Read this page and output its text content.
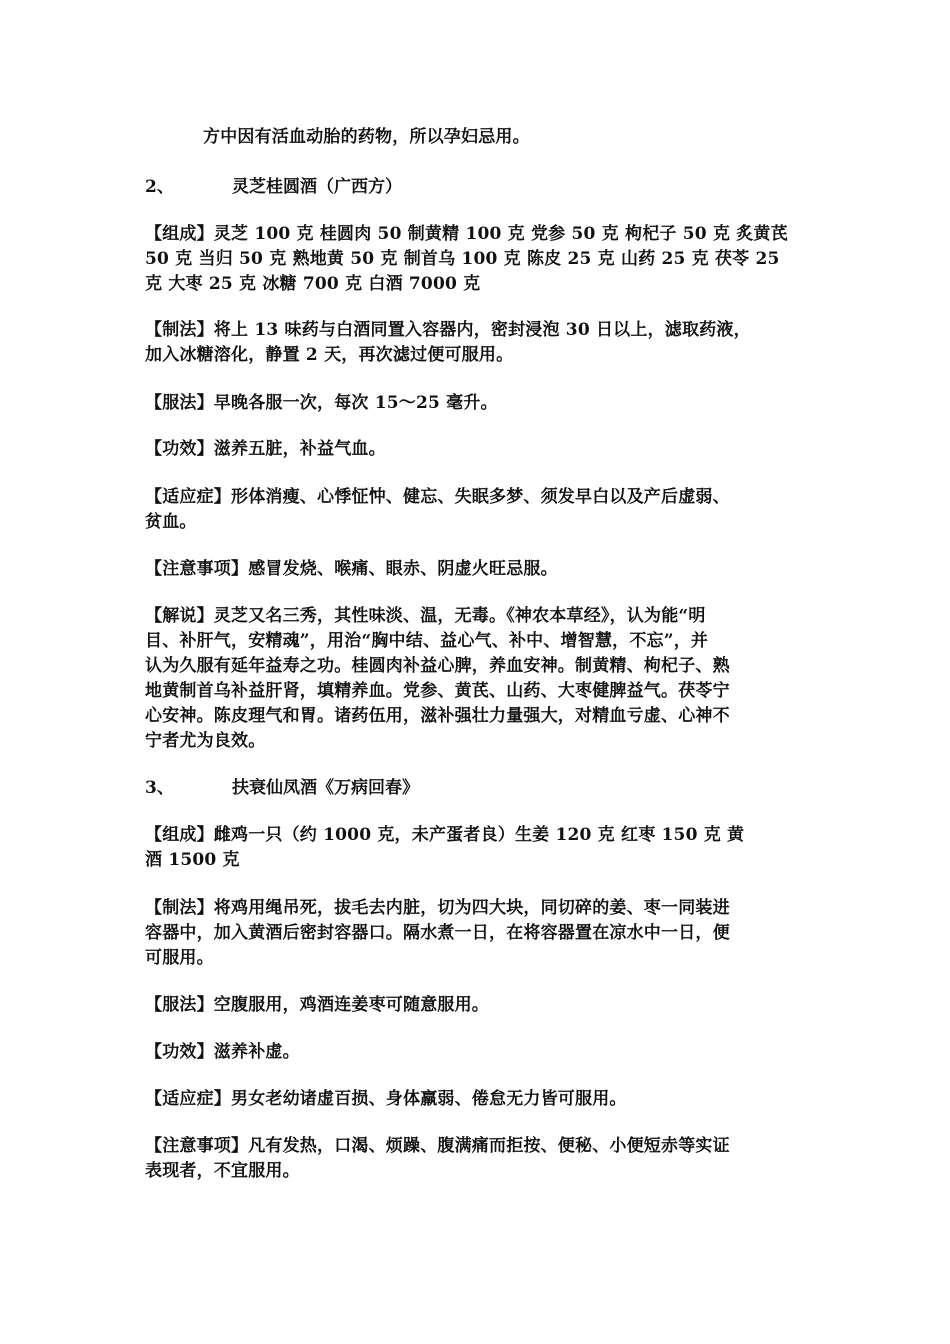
方中因有活血动胎的药物，所以孕妇忌用。
2、	灵芝桂圆酒（广西方）
【组成】灵芝 100 克 桂圆肉 50 制黄精 100 克 党参 50 克 枸杞子 50 克 炙黄芪
50 克 当归 50 克 熟地黄 50 克 制首乌 100 克 陈皮 25 克 山药 25 克 茯苓 25
克 大枣 25 克 冰糖 700 克 白酒 7000 克
【制法】将上 13 味药与白酒同置入容器内，密封浸泡 30 日以上，滤取药液，
加入冰糖溶化，静置 2 天，再次滤过便可服用。
【服法】早晚各服一次，每次 15～25 毫升。
【功效】滋养五脏，补益气血。
【适应症】形体消瘦、心悸怔忡、健忘、失眠多梦、须发早白以及产后虚弱、
贫血。
【注意事项】感冒发烧、喉痛、眼赤、阴虚火旺忌服。
【解说】灵芝又名三秀，其性味淡、温，无毒。《神农本草经》，认为能“明
目、补肝气，安精魂”，用治“胸中结、益心气、补中、增智慧，不忘”，并
认为久服有延年益寿之功。桂圆肉补益心脾，养血安神。制黄精、枸杞子、熟
地黄制首乌补益肝肾，填精养血。党参、黄芪、山药、大枣健脾益气。茯苓宁
心安神。陈皮理气和胃。诸药伍用，滋补强壮力量强大，对精血亏虚、心神不
宁者尤为良效。
3、	扶衰仙凤酒《万病回春》
【组成】雌鸡一只（约 1000 克，未产蛋者良）生姜 120 克 红枣 150 克 黄
酒 1500 克
【制法】将鸡用绳吊死，拔毛去内脏，切为四大块，同切碎的姜、枣一同装进
容器中，加入黄酒后密封容器口。隔水煮一日，在将容器置在凉水中一日，便
可服用。
【服法】空腹服用，鸡酒连姜枣可随意服用。
【功效】滋养补虚。
【适应症】男女老幼诸虚百损、身体羸弱、倦怠无力皆可服用。
【注意事项】凡有发热，口渴、烦躁、腹满痛而拒按、便秘、小便短赤等实证
表现者，不宜服用。
